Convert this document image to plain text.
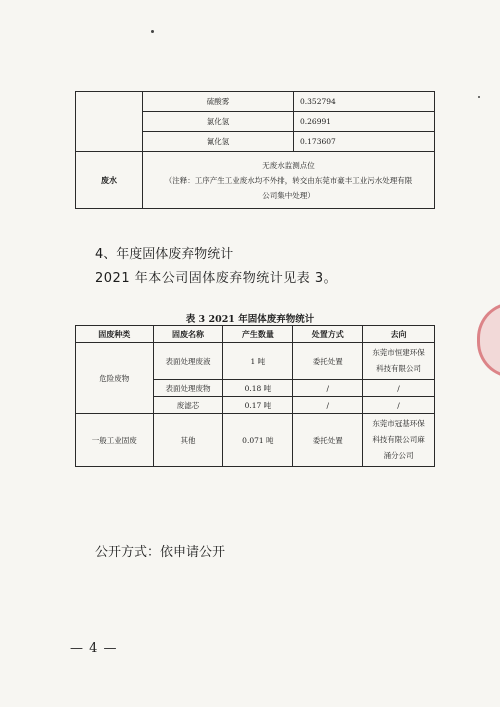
	硫酸雾	0.352794
	氯化氢	0.26991
	氰化氢	0.173607
废水	无废水监测点位
（注释：工序产生工业废水均不外排，转交由东莞市豪丰工业污水处理有限
公司集中处理）	
4、年度固体废弃物统计
2021 年本公司固体废弃物统计见表 3。
表 3 2021 年固体废弃物统计
固废种类	固废名称	产生数量	处置方式	去向
危险废物	表面处理废液	1 吨	委托处置	东莞市恒建环保
科技有限公司

	表面处理废物	0.18 吨	/	/
	废滤芯	0.17 吨	/	/
一般工业固废	其他	0.071 吨	委托处置	东莞市冠基环保
科技有限公司麻
涌分公司
公开方式：依申请公开
— 4 —
